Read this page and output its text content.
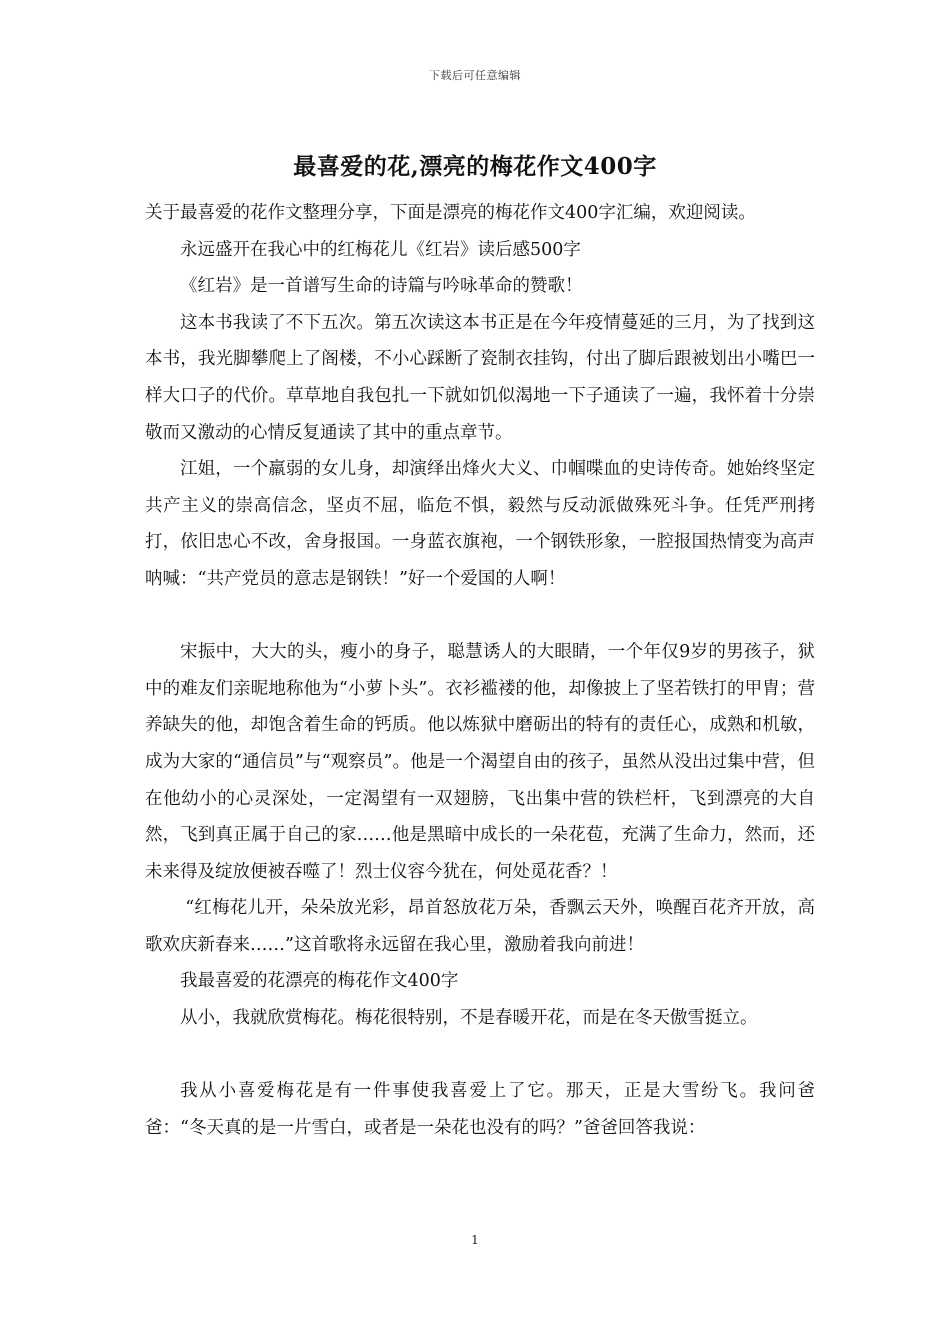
下载后可任意编辑
最喜爱的花,漂亮的梅花作文400字

关于最喜爱的花作文整理分享，下面是漂亮的梅花作文400字汇编，欢迎阅读。

永远盛开在我心中的红梅花儿《红岩》读后感500字

《红岩》是一首谱写生命的诗篇与吟咏革命的赞歌！

这本书我读了不下五次。第五次读这本书正是在今年疫情蔓延的三月，为了找到这本书，我光脚攀爬上了阁楼，不小心踩断了瓷制衣挂钩，付出了脚后跟被划出小嘴巴一样大口子的代价。草草地自我包扎一下就如饥似渴地一下子通读了一遍，我怀着十分崇敬而又激动的心情反复通读了其中的重点章节。

江姐，一个羸弱的女儿身，却演绎出烽火大义、巾帼喋血的史诗传奇。她始终坚定共产主义的崇高信念，坚贞不屈，临危不惧，毅然与反动派做殊死斗争。任凭严刑拷打，依旧忠心不改，舍身报国。一身蓝衣旗袍，一个钢铁形象，一腔报国热情变为高声呐喊：“共产党员的意志是钢铁！”好一个爱国的人啊！

宋振中，大大的头，瘦小的身子，聪慧诱人的大眼睛，一个年仅9岁的男孩子，狱中的难友们亲昵地称他为“小萝卜头”。衣衫褴褛的他，却像披上了坚若铁打的甲胄；营养缺失的他，却饱含着生命的钙质。他以炼狱中磨砺出的特有的责任心，成熟和机敏，成为大家的“通信员”与“观察员”。他是一个渴望自由的孩子，虽然从没出过集中营，但在他幼小的心灵深处，一定渴望有一双翅膀，飞出集中营的铁栏杆，飞到漂亮的大自然，飞到真正属于自己的家……他是黑暗中成长的一朵花苞，充满了生命力，然而，还未来得及绽放便被吞噬了！烈士仪容今犹在，何处觅花香？！

“红梅花儿开，朵朵放光彩，昂首怒放花万朵，香飘云天外，唤醒百花齐开放，高歌欢庆新春来……”这首歌将永远留在我心里，激励着我向前进！

我最喜爱的花漂亮的梅花作文400字

从小，我就欣赏梅花。梅花很特别，不是春暖开花，而是在冬天傲雪挺立。

我从小喜爱梅花是有一件事使我喜爱上了它。那天，正是大雪纷飞。我问爸爸：“冬天真的是一片雪白，或者是一朵花也没有的吗？”爸爸回答我说：

1
